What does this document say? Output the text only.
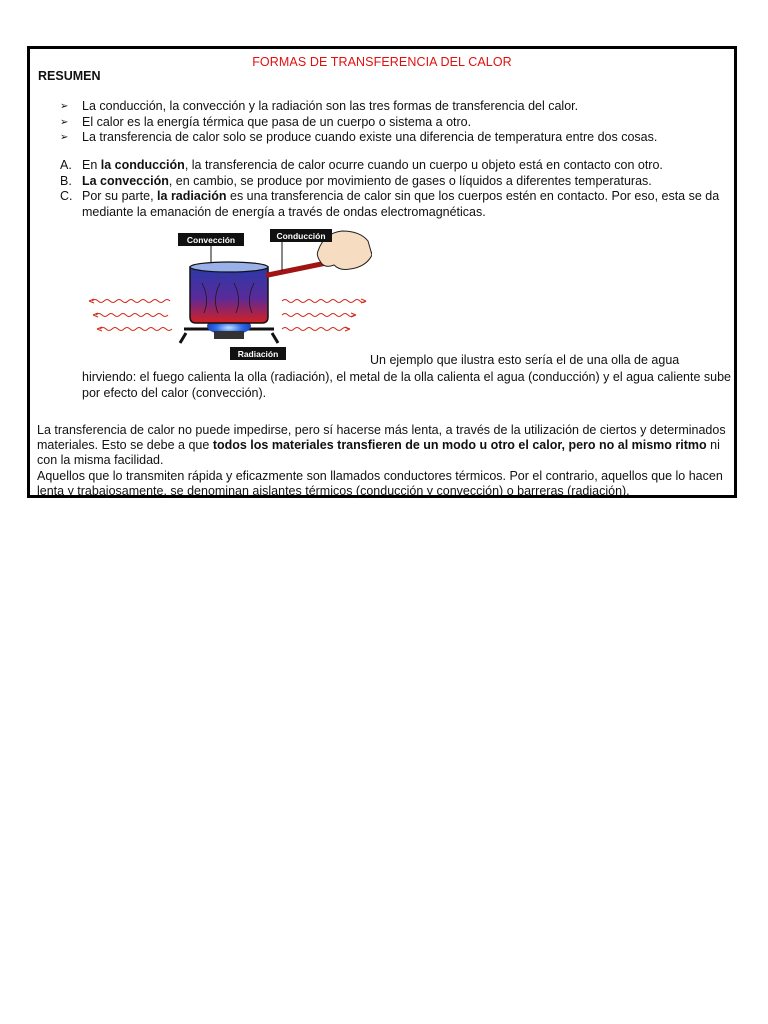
FORMAS DE TRANSFERENCIA DEL CALOR
RESUMEN
➢ La conducción, la convección y la radiación son las tres formas de transferencia del calor.
➢ El calor es la energía térmica que pasa de un cuerpo o sistema a otro.
➢ La transferencia de calor solo se produce cuando existe una diferencia de temperatura entre dos cosas.
A. En la conducción, la transferencia de calor ocurre cuando un cuerpo u objeto está en contacto con otro.
B. La convección, en cambio, se produce por movimiento de gases o líquidos a diferentes temperaturas.
C. Por su parte, la radiación es una transferencia de calor sin que los cuerpos estén en contacto. Por eso, esta se da mediante la emanación de energía a través de ondas electromagnéticas.
Convección	Conducción
Radiación	Un ejemplo que ilustra esto sería el de una olla de agua
hirviendo: el fuego calienta la olla (radiación), el metal de la olla calienta el agua (conducción) y el agua caliente sube por efecto del calor (convección).
La transferencia de calor no puede impedirse, pero sí hacerse más lenta, a través de la utilización de ciertos y determinados materiales. Esto se debe a que todos los materiales transfieren de un modo u otro el calor, pero no al mismo ritmo ni con la misma facilidad.
Aquellos que lo transmiten rápida y eficazmente son llamados conductores térmicos. Por el contrario, aquellos que lo hacen lenta y trabajosamente, se denominan aislantes térmicos (conducción y convección) o barreras (radiación).
